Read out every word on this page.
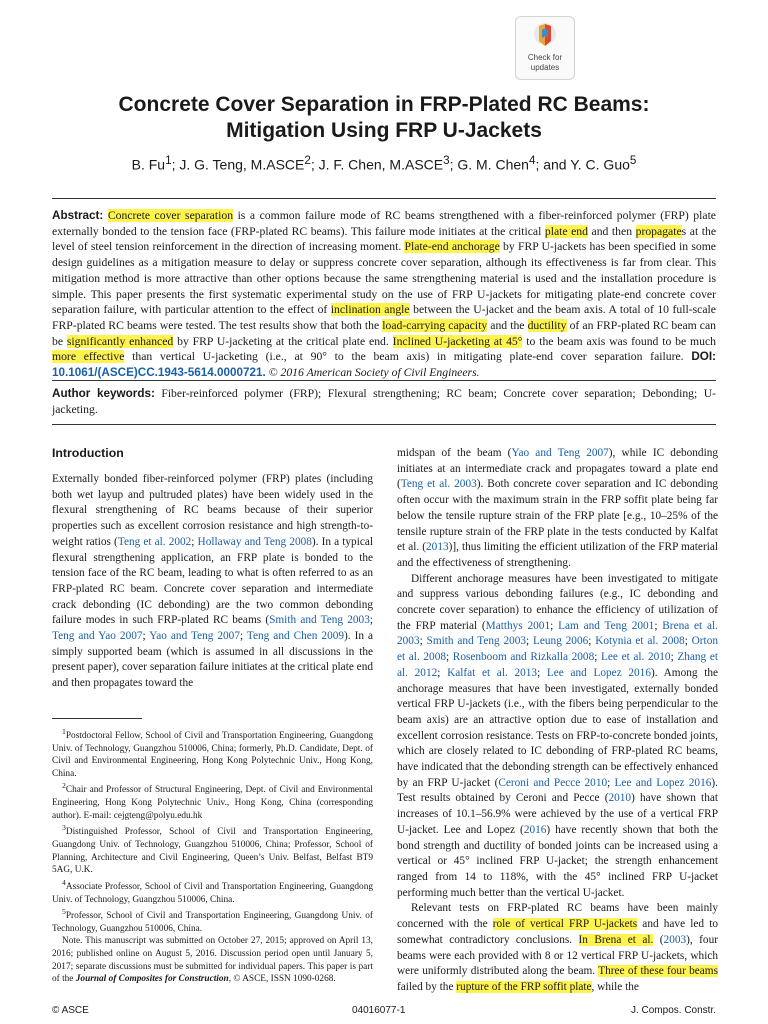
Check for
updates
Concrete Cover Separation in FRP-Plated RC Beams:
Mitigation Using FRP U-Jackets
B. Fu$^1$; J. G. Teng, M.ASCE$^2$; J. F. Chen, M.ASCE$^3$; G. M. Chen$^4$; and Y. C. Guo$^5$

Abstract: Concrete cover separation is a common failure mode of RC beams strengthened with a fiber-reinforced polymer (FRP) plate externally bonded to the tension face (FRP-plated RC beams). This failure mode initiates at the critical plate end and then propagates at the level of steel tension reinforcement in the direction of increasing moment. Plate-end anchorage by FRP U-jackets has been specified in some design guidelines as a mitigation measure to delay or suppress concrete cover separation, although its effectiveness is far from clear. This mitigation method is more attractive than other options because the same strengthening material is used and the installation procedure is simple. This paper presents the first systematic experimental study on the use of FRP U-jackets for mitigating plate-end concrete cover separation failure, with particular attention to the effect of inclination angle between the U-jacket and the beam axis. A total of 10 full-scale FRP-plated RC beams were tested. The test results show that both the load-carrying capacity and the ductility of an FRP-plated RC beam can be significantly enhanced by FRP U-jacketing at the critical plate end. Inclined U-jacketing at 45° to the beam axis was found to be much more effective than vertical U-jacketing (i.e., at 90° to the beam axis) in mitigating plate-end cover separation failure. DOI: 10.1061/(ASCE)CC.1943-5614.0000721. © 2016 American Society of Civil Engineers.

Author keywords: Fiber-reinforced polymer (FRP); Flexural strengthening; RC beam; Concrete cover separation; Debonding; U-jacketing.

Introduction

Externally bonded fiber-reinforced polymer (FRP) plates (including both wet layup and pultruded plates) have been widely used in the flexural strengthening of RC beams because of their superior properties such as excellent corrosion resistance and high strength-to-weight ratios (Teng et al. 2002; Hollaway and Teng 2008). In a typical flexural strengthening application, an FRP plate is bonded to the tension face of the RC beam, leading to what is often referred to as an FRP-plated RC beam. Concrete cover separation and intermediate crack debonding (IC debonding) are the two common debonding failure modes in such FRP-plated RC beams (Smith and Teng 2003; Teng and Yao 2007; Yao and Teng 2007; Teng and Chen 2009). In a simply supported beam (which is assumed in all discussions in the present paper), cover separation failure initiates at the critical plate end and then propagates toward the

$^1$Postdoctoral Fellow, School of Civil and Transportation Engineering, Guangdong Univ. of Technology, Guangzhou 510006, China; formerly, Ph.D. Candidate, Dept. of Civil and Environmental Engineering, Hong Kong Polytechnic Univ., Hong Kong, China.

$^2$Chair and Professor of Structural Engineering, Dept. of Civil and Environmental Engineering, Hong Kong Polytechnic Univ., Hong Kong, China (corresponding author). E-mail: cejgteng@polyu.edu.hk

$^3$Distinguished Professor, School of Civil and Transportation Engineering, Guangdong Univ. of Technology, Guangzhou 510006, China; Professor, School of Planning, Architecture and Civil Engineering, Queen’s Univ. Belfast, Belfast BT9 5AG, U.K.

$^4$Associate Professor, School of Civil and Transportation Engineering, Guangdong Univ. of Technology, Guangzhou 510006, China.

$^5$Professor, School of Civil and Transportation Engineering, Guangdong Univ. of Technology, Guangzhou 510006, China.

Note. This manuscript was submitted on October 27, 2015; approved on April 13, 2016; published online on August 5, 2016. Discussion period open until January 5, 2017; separate discussions must be submitted for individual papers. This paper is part of the Journal of Composites for Construction, © ASCE, ISSN 1090-0268.

midspan of the beam (Yao and Teng 2007), while IC debonding initiates at an intermediate crack and propagates toward a plate end (Teng et al. 2003). Both concrete cover separation and IC debonding often occur with the maximum strain in the FRP soffit plate being far below the tensile rupture strain of the FRP plate [e.g., 10–25% of the tensile rupture strain of the FRP plate in the tests conducted by Kalfat et al. (2013)], thus limiting the efficient utilization of the FRP material and the effectiveness of strengthening.

Different anchorage measures have been investigated to mitigate and suppress various debonding failures (e.g., IC debonding and concrete cover separation) to enhance the efficiency of utilization of the FRP material (Matthys 2001; Lam and Teng 2001; Brena et al. 2003; Smith and Teng 2003; Leung 2006; Kotynia et al. 2008; Orton et al. 2008; Rosenboom and Rizkalla 2008; Lee et al. 2010; Zhang et al. 2012; Kalfat et al. 2013; Lee and Lopez 2016). Among the anchorage measures that have been investigated, externally bonded vertical FRP U-jackets (i.e., with the fibers being perpendicular to the beam axis) are an attractive option due to ease of installation and excellent corrosion resistance. Tests on FRP-to-concrete bonded joints, which are closely related to IC debonding of FRP-plated RC beams, have indicated that the debonding strength can be effectively enhanced by an FRP U-jacket (Ceroni and Pecce 2010; Lee and Lopez 2016). Test results obtained by Ceroni and Pecce (2010) have shown that increases of 10.1–56.9% were achieved by the use of a vertical FRP U-jacket. Lee and Lopez (2016) have recently shown that both the bond strength and ductility of bonded joints can be increased using a vertical or 45° inclined FRP U-jacket; the strength enhancement ranged from 14 to 118%, with the 45° inclined FRP U-jacket performing much better than the vertical U-jacket.

Relevant tests on FRP-plated RC beams have been mainly concerned with the role of vertical FRP U-jackets and have led to somewhat contradictory conclusions. In Brena et al. (2003), four beams were each provided with 8 or 12 vertical FRP U-jackets, which were uniformly distributed along the beam. Three of these four beams failed by the rupture of the FRP soffit plate, while the

© ASCE	04016077-1	J. Compos. Constr.
